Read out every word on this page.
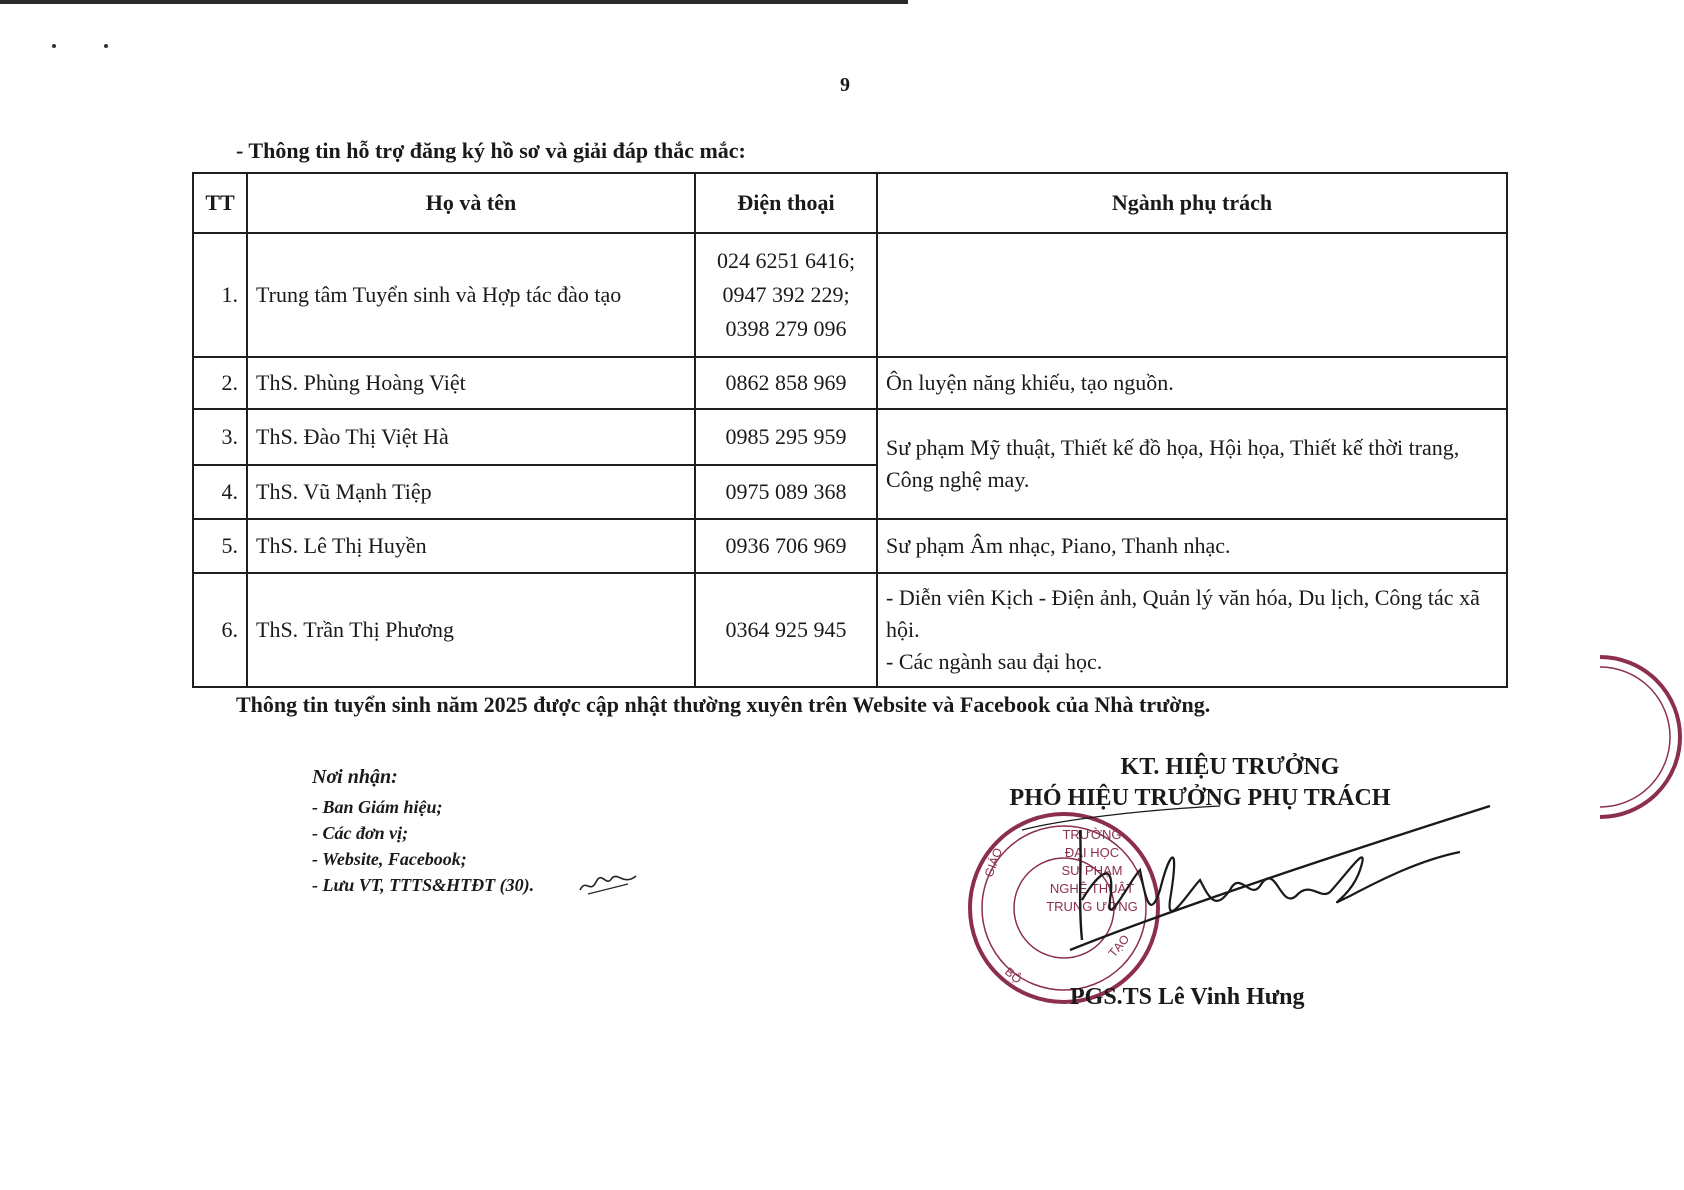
9
- Thông tin hỗ trợ đăng ký hồ sơ và giải đáp thắc mắc:
TT	Họ và tên	Điện thoại	Ngành phụ trách
1.	Trung tâm Tuyển sinh và Hợp tác đào tạo	024 6251 6416;
0947 392 229;
0398 279 096	

2.	ThS. Phùng Hoàng Việt	0862 858 969	Ôn luyện năng khiếu, tạo nguồn.
3.	ThS. Đào Thị Việt Hà	0985 295 959	Sư phạm Mỹ thuật, Thiết kế đồ họa, Hội họa, Thiết kế thời trang, Công nghệ may.
4.	ThS. Vũ Mạnh Tiệp	0975 089 368	
5.	ThS. Lê Thị Huyền	0936 706 969	Sư phạm Âm nhạc, Piano, Thanh nhạc.
6.	ThS. Trần Thị Phương	0364 925 945	- Diễn viên Kịch - Điện ảnh, Quản lý văn hóa, Du lịch, Công tác xã hội.
- Các ngành sau đại học.
Thông tin tuyển sinh năm 2025 được cập nhật thường xuyên trên Website và Facebook của Nhà trường.
Nơi nhận:
- Ban Giám hiệu;
- Các đơn vị;
- Website, Facebook;
- Lưu VT, TTTS&HTĐT (30).
KT. HIỆU TRƯỞNG
PHÓ HIỆU TRƯỞNG PHỤ TRÁCH
GIÁO
BỘ
TẠO
TRƯỜNG
ĐẠI HỌC
SƯ PHẠM
NGHỆ THUẬT
TRUNG ƯƠNG
PGS.TS Lê Vinh Hưng
